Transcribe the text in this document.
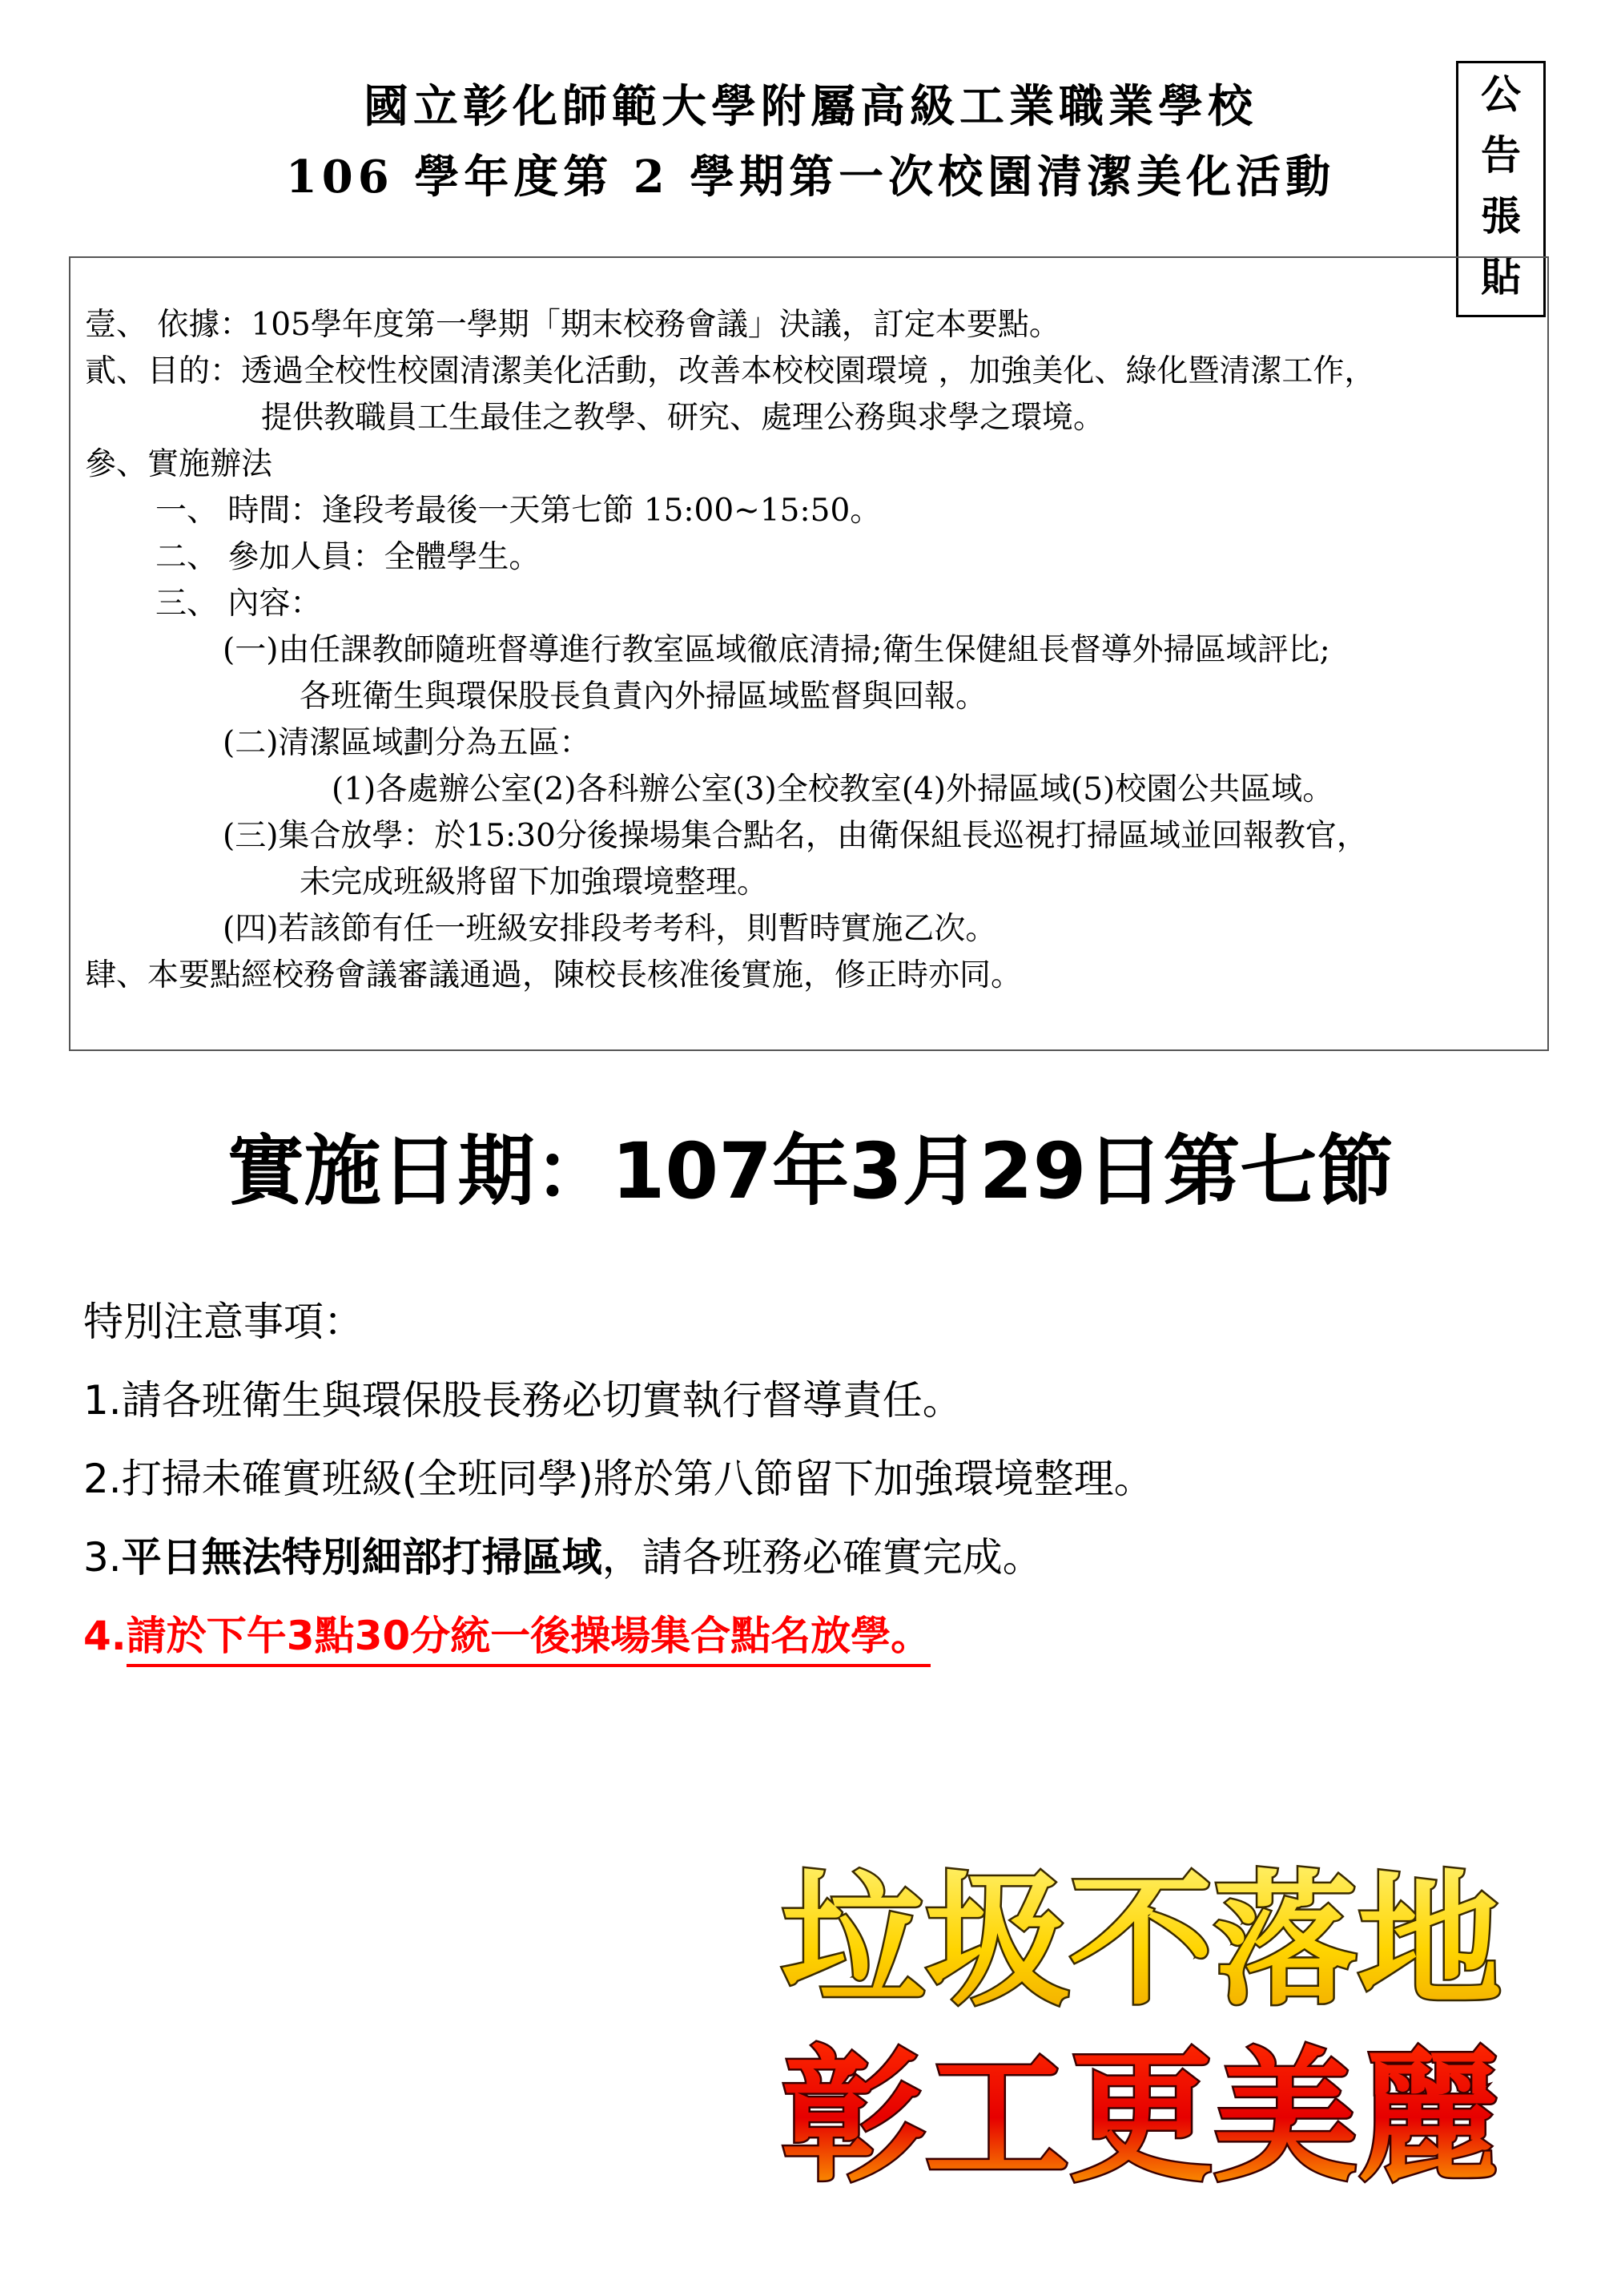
國立彰化師範大學附屬高級工業職業學校
106 學年度第 2 學期第一次校園清潔美化活動
公
告
張
貼
壹、 依據：105學年度第一學期「期末校務會議」決議，訂定本要點。
貳、目的：透過全校性校園清潔美化活動，改善本校校園環境 ，加強美化、綠化暨清潔工作，
提供教職員工生最佳之教學、研究、處理公務與求學之環境。
參、實施辦法
一、 時間：逢段考最後一天第七節 15:00~15:50。
二、 參加人員：全體學生。
三、 內容：
(一)由任課教師隨班督導進行教室區域徹底清掃;衛生保健組長督導外掃區域評比;
各班衛生與環保股長負責內外掃區域監督與回報。
(二)清潔區域劃分為五區：
(1)各處辦公室(2)各科辦公室(3)全校教室(4)外掃區域(5)校園公共區域。
(三)集合放學：於15:30分後操場集合點名，由衛保組長巡視打掃區域並回報教官，
未完成班級將留下加強環境整理。
(四)若該節有任一班級安排段考考科，則暫時實施乙次。
肆、本要點經校務會議審議通過，陳校長核准後實施，修正時亦同。
實施日期：107年3月29日第七節
特別注意事項：
1.請各班衛生與環保股長務必切實執行督導責任。
2.打掃未確實班級(全班同學)將於第八節留下加強環境整理。
3.平日無法特別細部打掃區域，請各班務必確實完成。
4.請於下午3點30分統一後操場集合點名放學。
垃圾不落地
彰工更美麗
